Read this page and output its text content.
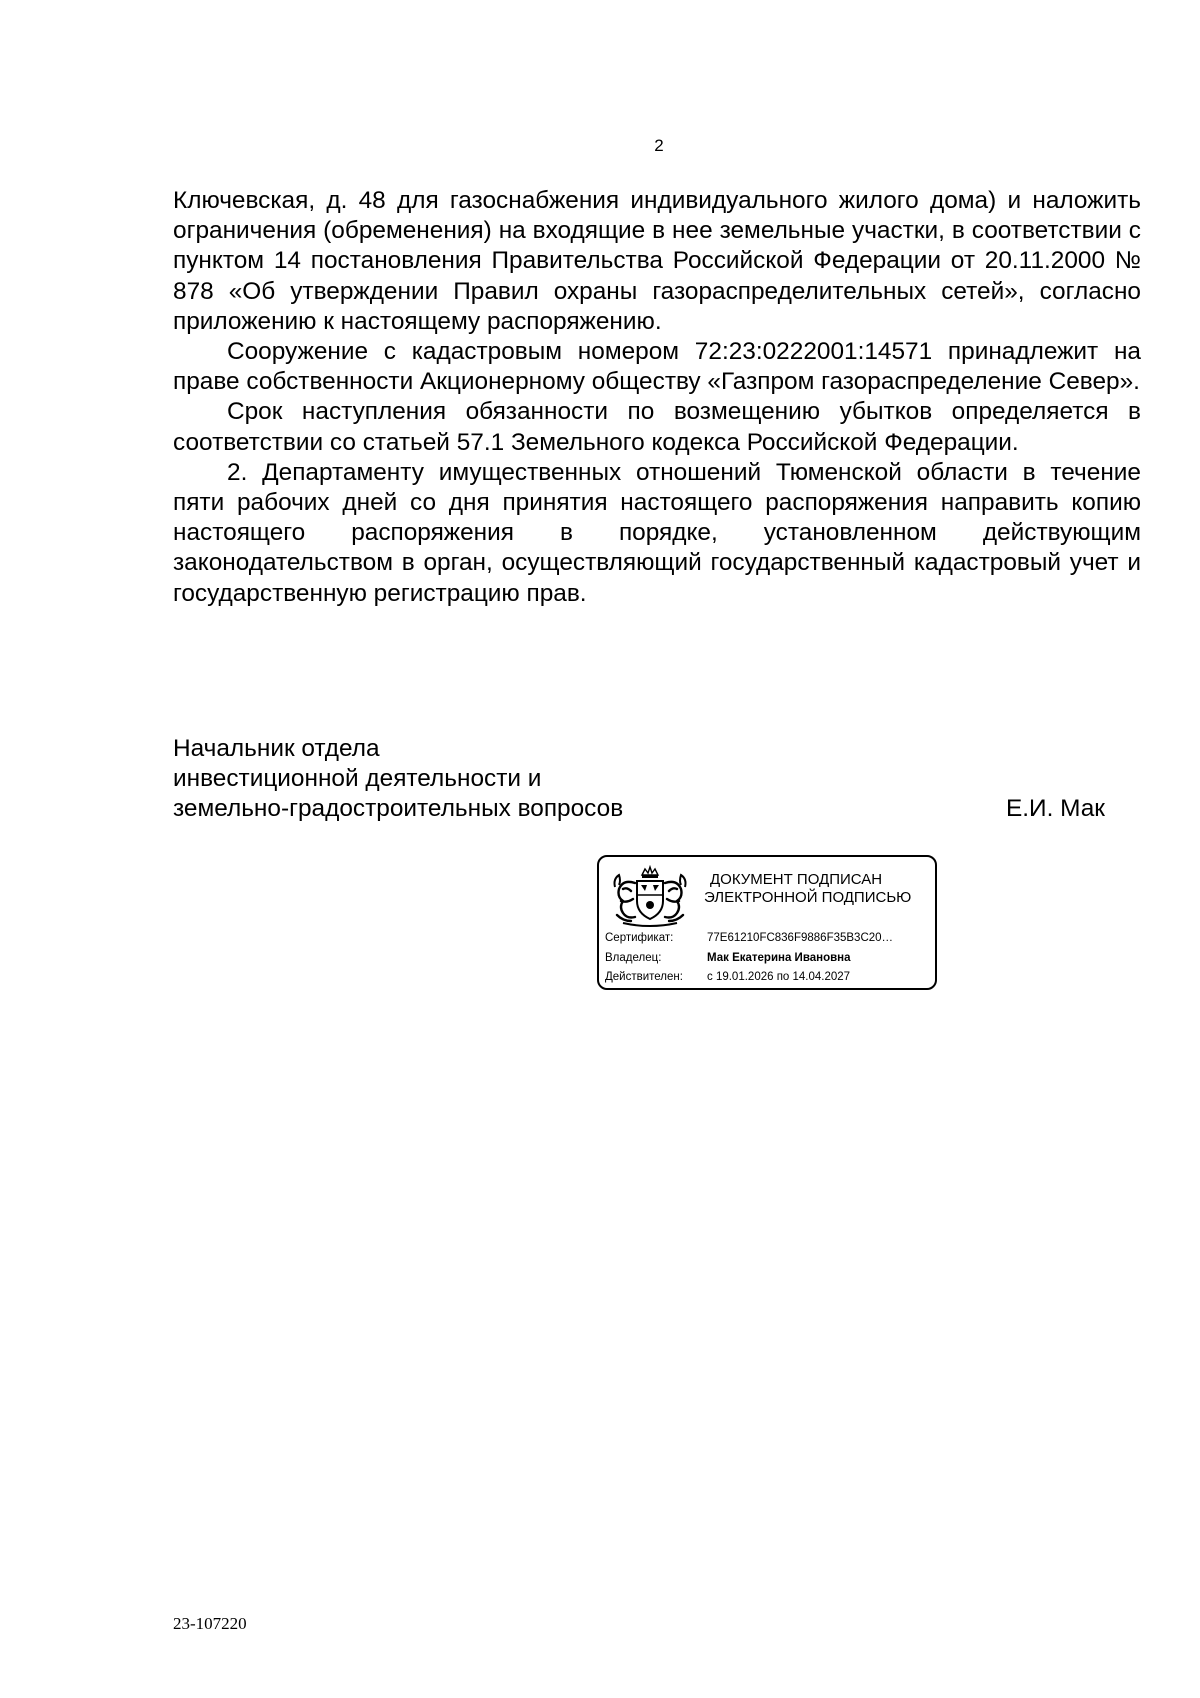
2

Ключевская, д. 48 для газоснабжения индивидуального жилого дома) и наложить ограничения (обременения) на входящие в нее земельные участки, в соответствии с пунктом 14 постановления Правительства Российской Федерации от 20.11.2000 № 878 «Об утверждении Правил охраны газораспределительных сетей», согласно приложению к настоящему распоряжению.

Сооружение с кадастровым номером 72:23:0222001:14571 принадлежит на праве собственности Акционерному обществу «Газпром газораспределение Север».

Срок наступления обязанности по возмещению убытков определяется в соответствии со статьей 57.1 Земельного кодекса Российской Федерации.

2. Департаменту имущественных отношений Тюменской области в течение пяти рабочих дней со дня принятия настоящего распоряжения направить копию настоящего распоряжения в порядке, установленном действующим законодательством в орган, осуществляющий государственный кадастровый учет и государственную регистрацию прав.

Начальник отдела
инвестиционной деятельности и
земельно-градостроительных вопросов	Е.И. Мак
ДОКУМЕНТ ПОДПИСАН
ЭЛЕКТРОННОЙ ПОДПИСЬЮ
Сертификат:	77E61210FC836F9886F35B3C20…
Владелец:	Мак Екатерина Ивановна
Действителен: с 19.01.2026 по 14.04.2027
23-107220
